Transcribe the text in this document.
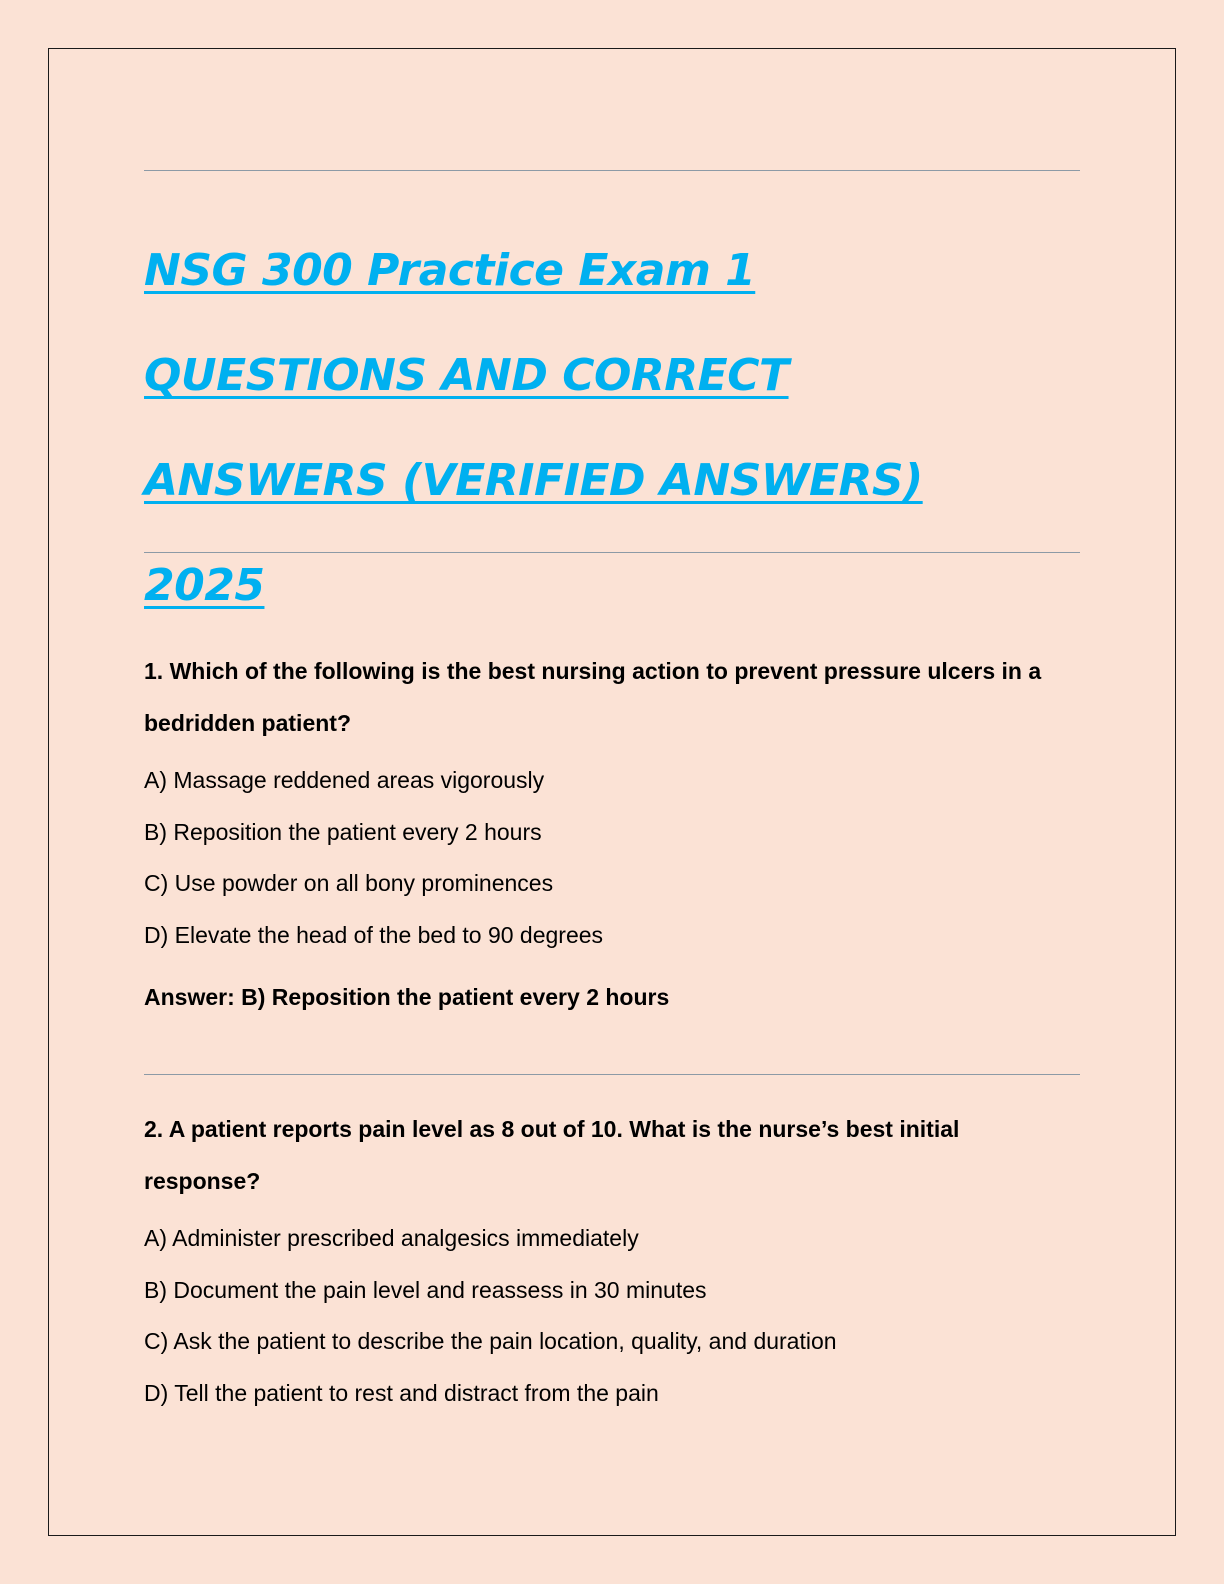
NSG 300 Practice Exam 1 QUESTIONS AND CORRECT ANSWERS (VERIFIED ANSWERS) 2025

1. Which of the following is the best nursing action to prevent pressure ulcers in a bedridden patient?

A) Massage reddened areas vigorously
B) Reposition the patient every 2 hours
C) Use powder on all bony prominences
D) Elevate the head of the bed to 90 degrees

Answer: B) Reposition the patient every 2 hours

2. A patient reports pain level as 8 out of 10. What is the nurse’s best initial response?

A) Administer prescribed analgesics immediately
B) Document the pain level and reassess in 30 minutes
C) Ask the patient to describe the pain location, quality, and duration
D) Tell the patient to rest and distract from the pain
